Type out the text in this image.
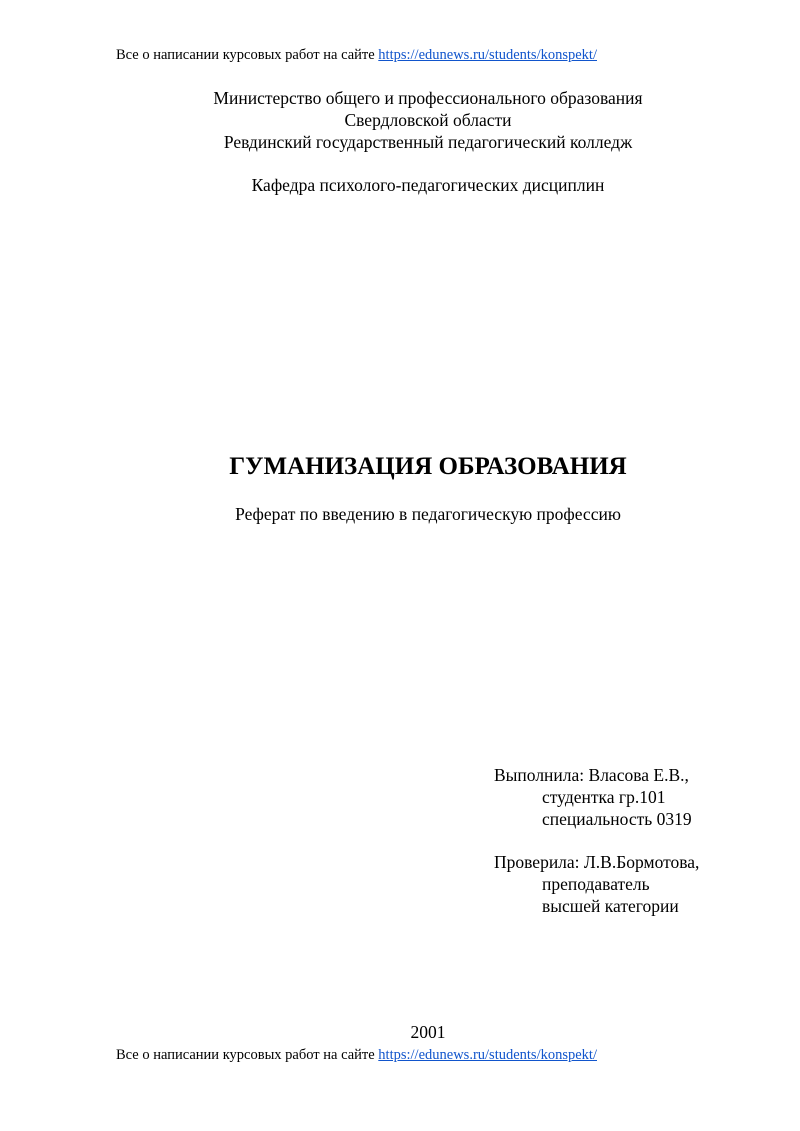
Все о написании курсовых работ на сайте https://edunews.ru/students/konspekt/
Министерство общего и профессионального образования
Свердловской области
Ревдинский государственный педагогический колледж
Кафедра психолого-педагогических дисциплин
ГУМАНИЗАЦИЯ ОБРАЗОВАНИЯ
Реферат по введению в педагогическую профессию
Выполнила: Власова Е.В.,
студентка гр.101
специальность 0319
Проверила: Л.В.Бормотова,
преподаватель
высшей категории
2001
Все о написании курсовых работ на сайте https://edunews.ru/students/konspekt/
